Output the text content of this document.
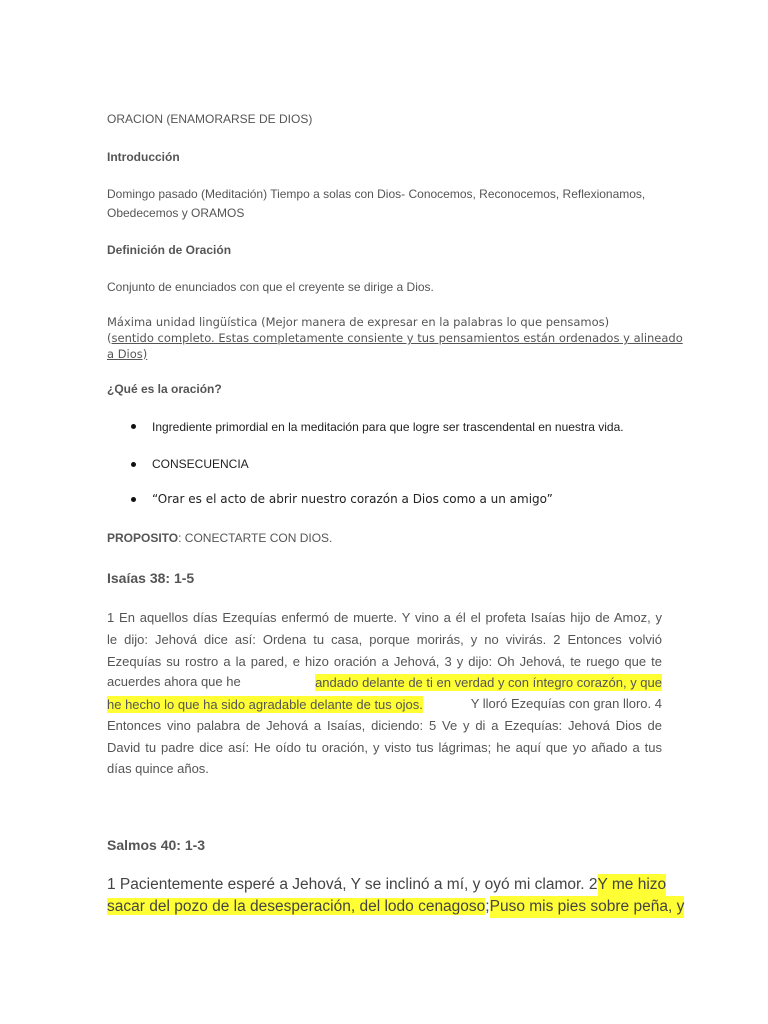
ORACION (ENAMORARSE DE DIOS)
Introducción
Domingo pasado (Meditación) Tiempo a solas con Dios- Conocemos, Reconocemos, Reflexionamos,
Obedecemos y ORAMOS
Definición de Oración
Conjunto de enunciados con que el creyente se dirige a Dios.
Máxima unidad lingüística (Mejor manera de expresar en la palabras lo que pensamos)
(sentido completo. Estas completamente consiente y tus pensamientos están ordenados y alineado
a Dios)
¿Qué es la oración?
Ingrediente primordial en la meditación para que logre ser trascendental en nuestra vida.
CONSECUENCIA
“Orar es el acto de abrir nuestro corazón a Dios como a un amigo”
PROPOSITO: CONECTARTE CON DIOS.
Isaías 38: 1-5
1 En aquellos días Ezequías enfermó de muerte. Y vino a él el profeta Isaías hijo de Amoz, y
le dijo: Jehová dice así: Ordena tu casa, porque morirás, y no vivirás. 2 Entonces volvió
Ezequías su rostro a la pared, e hizo oración a Jehová, 3 y dijo: Oh Jehová, te ruego que te
acuerdes ahora que he	andado delante de ti en verdad y con íntegro corazón, y que
he hecho lo que ha sido agradable delante de tus ojos.	Y lloró Ezequías con gran lloro. 4
Entonces vino palabra de Jehová a Isaías, diciendo: 5 Ve y di a Ezequías: Jehová Dios de
David tu padre dice así: He oído tu oración, y visto tus lágrimas; he aquí que yo añado a tus
días quince años.
Salmos 40: 1-3
1 Pacientemente esperé a Jehová, Y se inclinó a mí, y oyó mi clamor. 2 Y me hizo
sacar del pozo de la desesperación, del lodo cenagoso; Puso mis pies sobre peña, y
